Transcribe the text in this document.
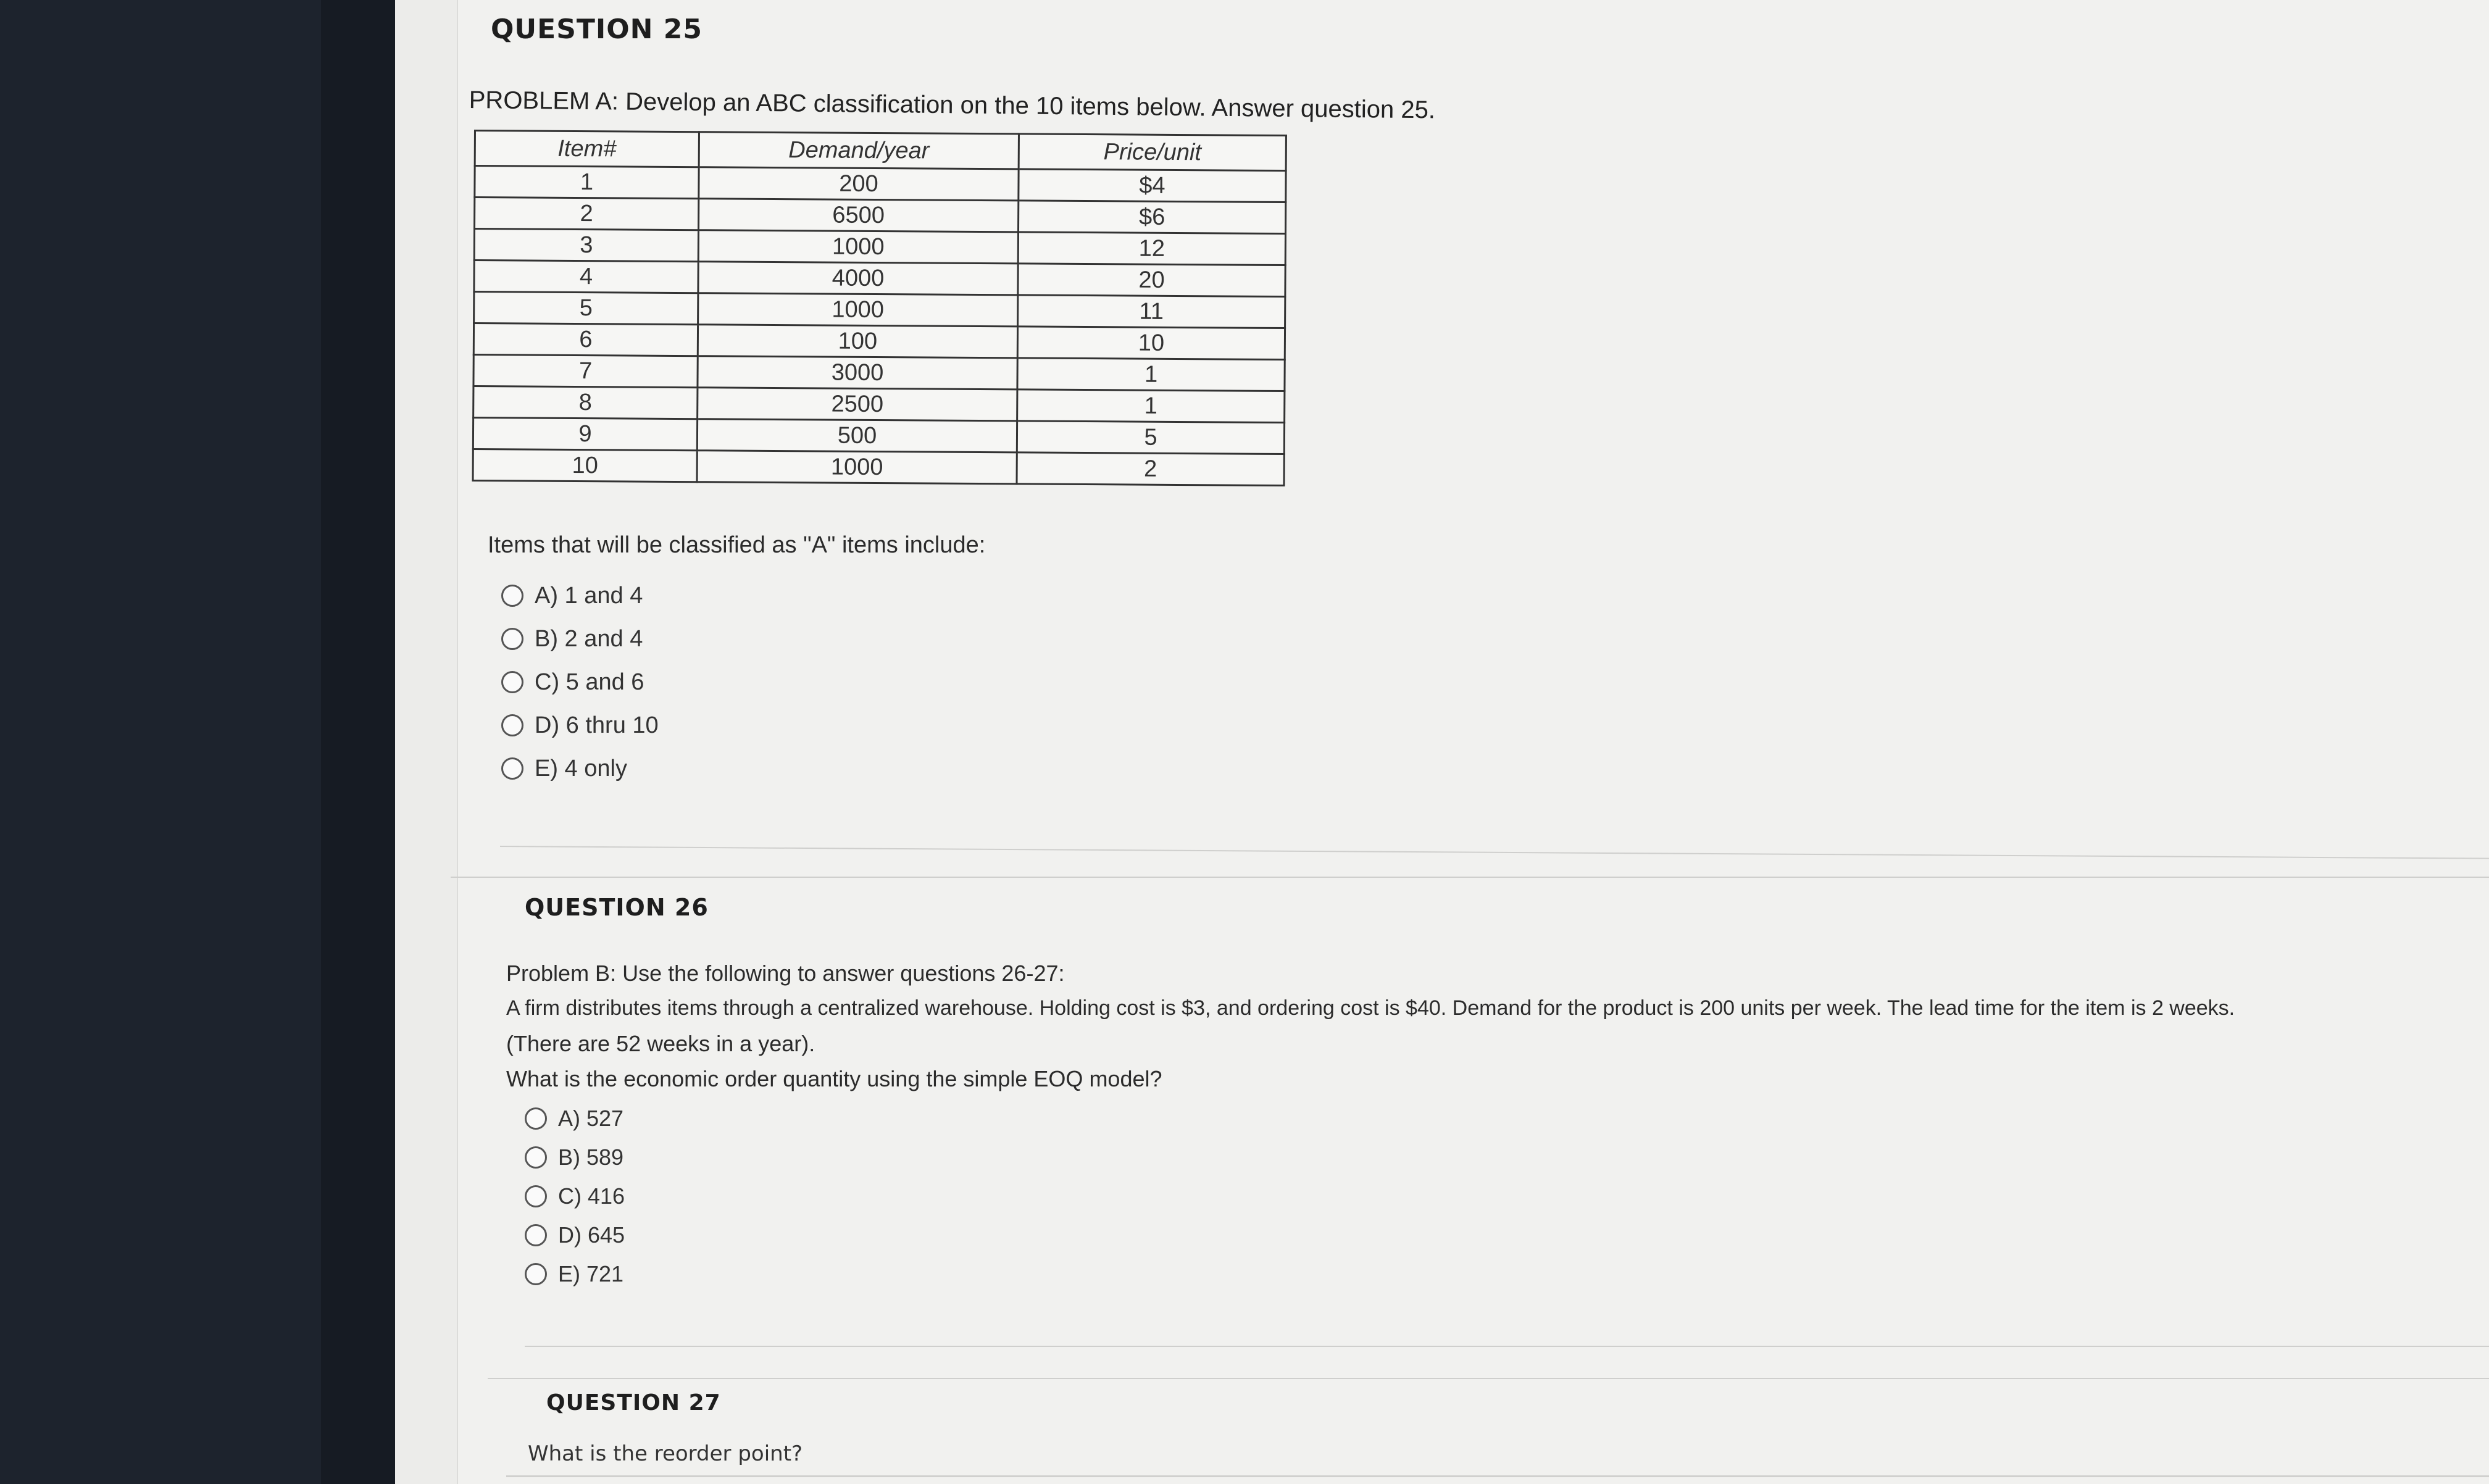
QUESTION 25
PROBLEM A: Develop an ABC classification on the 10 items below. Answer question 25.
Item#	Demand/year	Price/unit
1	200	$4
2	6500	$6
3	1000	12
4	4000	20
5	1000	11
6	100	10
7	3000	1
8	2500	1
9	500	5
10	1000	2
Items that will be classified as "A" items include:
A) 1 and 4
B) 2 and 4
C) 5 and 6
D) 6 thru 10
E) 4 only
QUESTION 26
Problem B: Use the following to answer questions 26-27:
A firm distributes items through a centralized warehouse. Holding cost is $3, and ordering cost is $40. Demand for the product is 200 units per week. The lead time for the item is 2 weeks.
(There are 52 weeks in a year).
What is the economic order quantity using the simple EOQ model?
A) 527
B) 589
C) 416
D) 645
E) 721
QUESTION 27
What is the reorder point?
